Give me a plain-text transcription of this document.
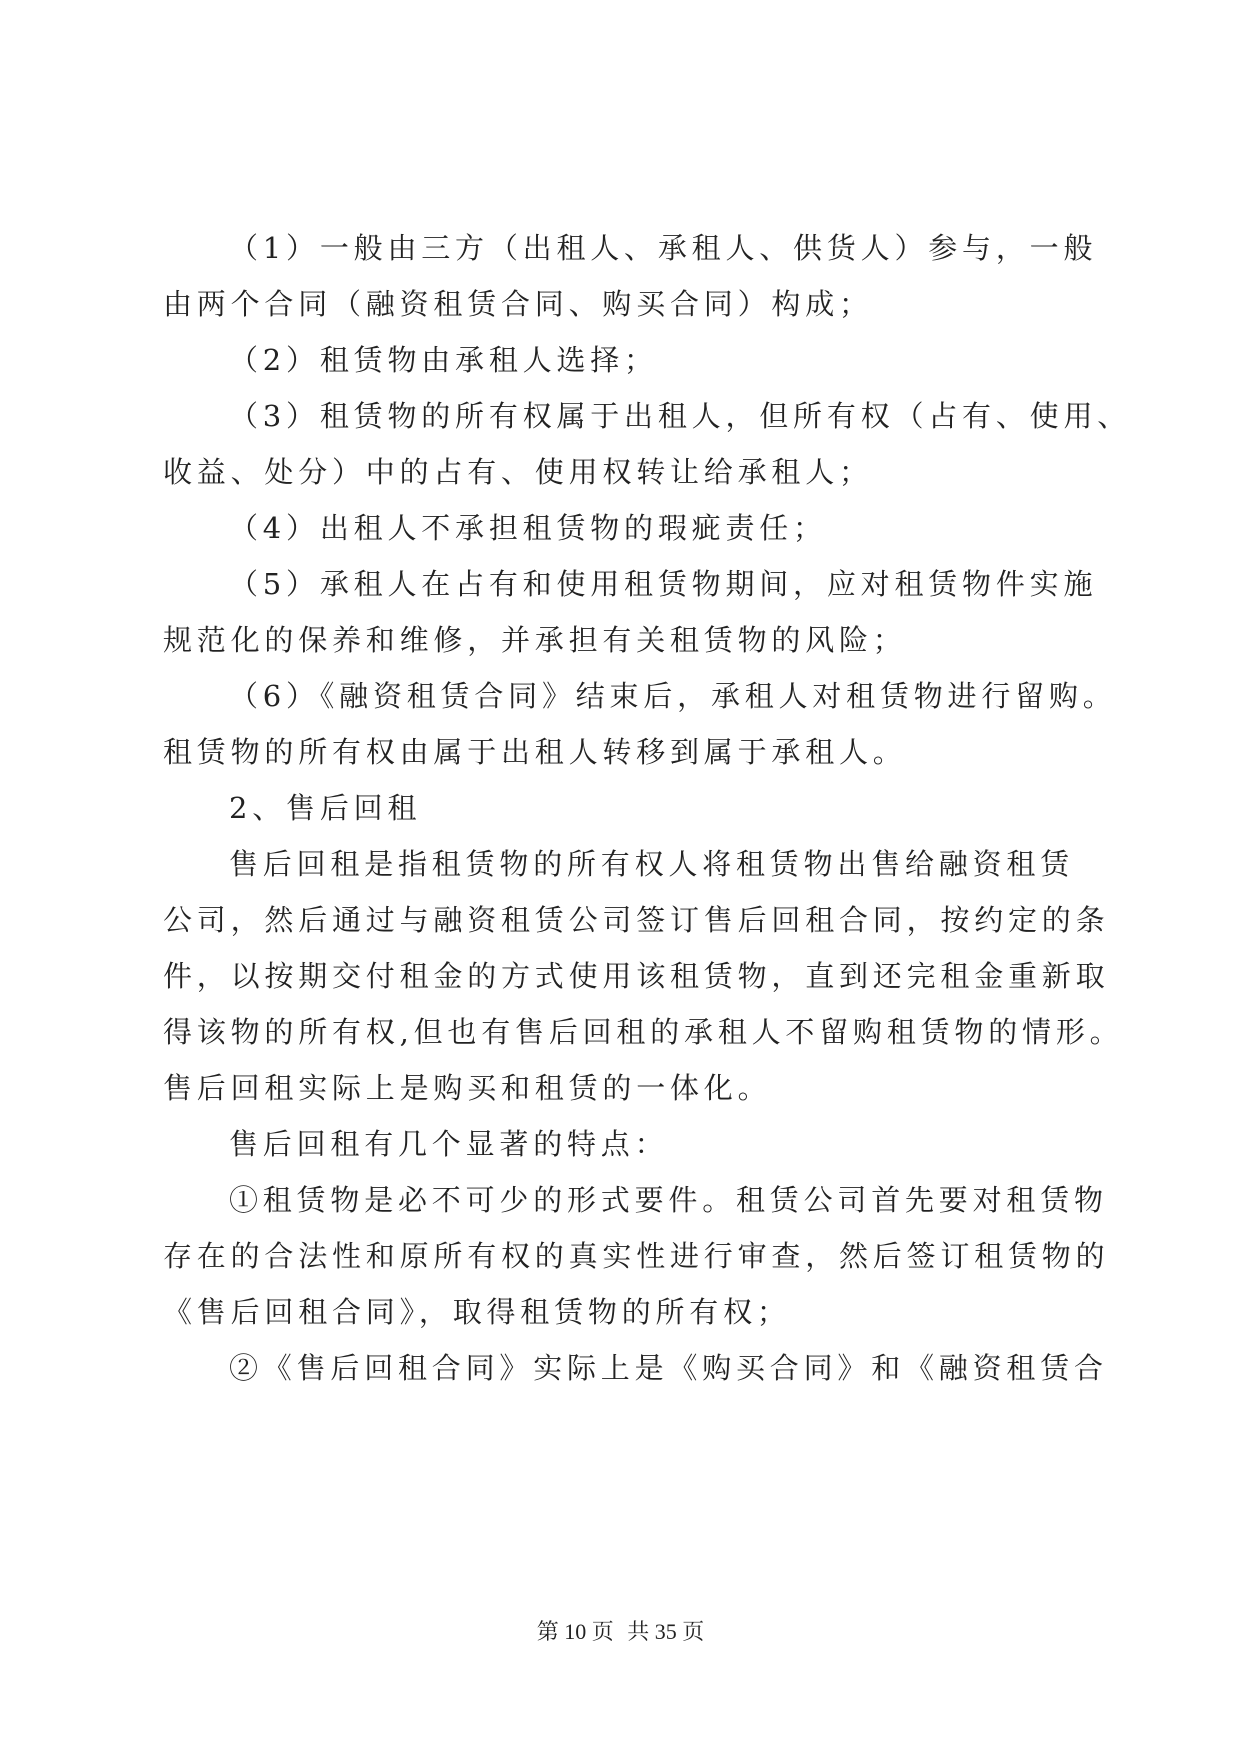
（1）一般由三方（出租人、承租人、供货人）参与，一般
由两个合同（融资租赁合同、购买合同）构成；
（2）租赁物由承租人选择；
（3）租赁物的所有权属于出租人，但所有权（占有、使用、
收益、处分）中的占有、使用权转让给承租人；
（4）出租人不承担租赁物的瑕疵责任；
（5）承租人在占有和使用租赁物期间，应对租赁物件实施
规范化的保养和维修，并承担有关租赁物的风险；
（6）《融资租赁合同》结束后，承租人对租赁物进行留购。
租赁物的所有权由属于出租人转移到属于承租人。
2、售后回租
售后回租是指租赁物的所有权人将租赁物出售给融资租赁
公司，然后通过与融资租赁公司签订售后回租合同，按约定的条
件，以按期交付租金的方式使用该租赁物，直到还完租金重新取
得该物的所有权,但也有售后回租的承租人不留购租赁物的情形。
售后回租实际上是购买和租赁的一体化。
售后回租有几个显著的特点：
①租赁物是必不可少的形式要件。租赁公司首先要对租赁物
存在的合法性和原所有权的真实性进行审查，然后签订租赁物的
《售后回租合同》，取得租赁物的所有权；
②《售后回租合同》实际上是《购买合同》和《融资租赁合
第 10 页 共 35 页
